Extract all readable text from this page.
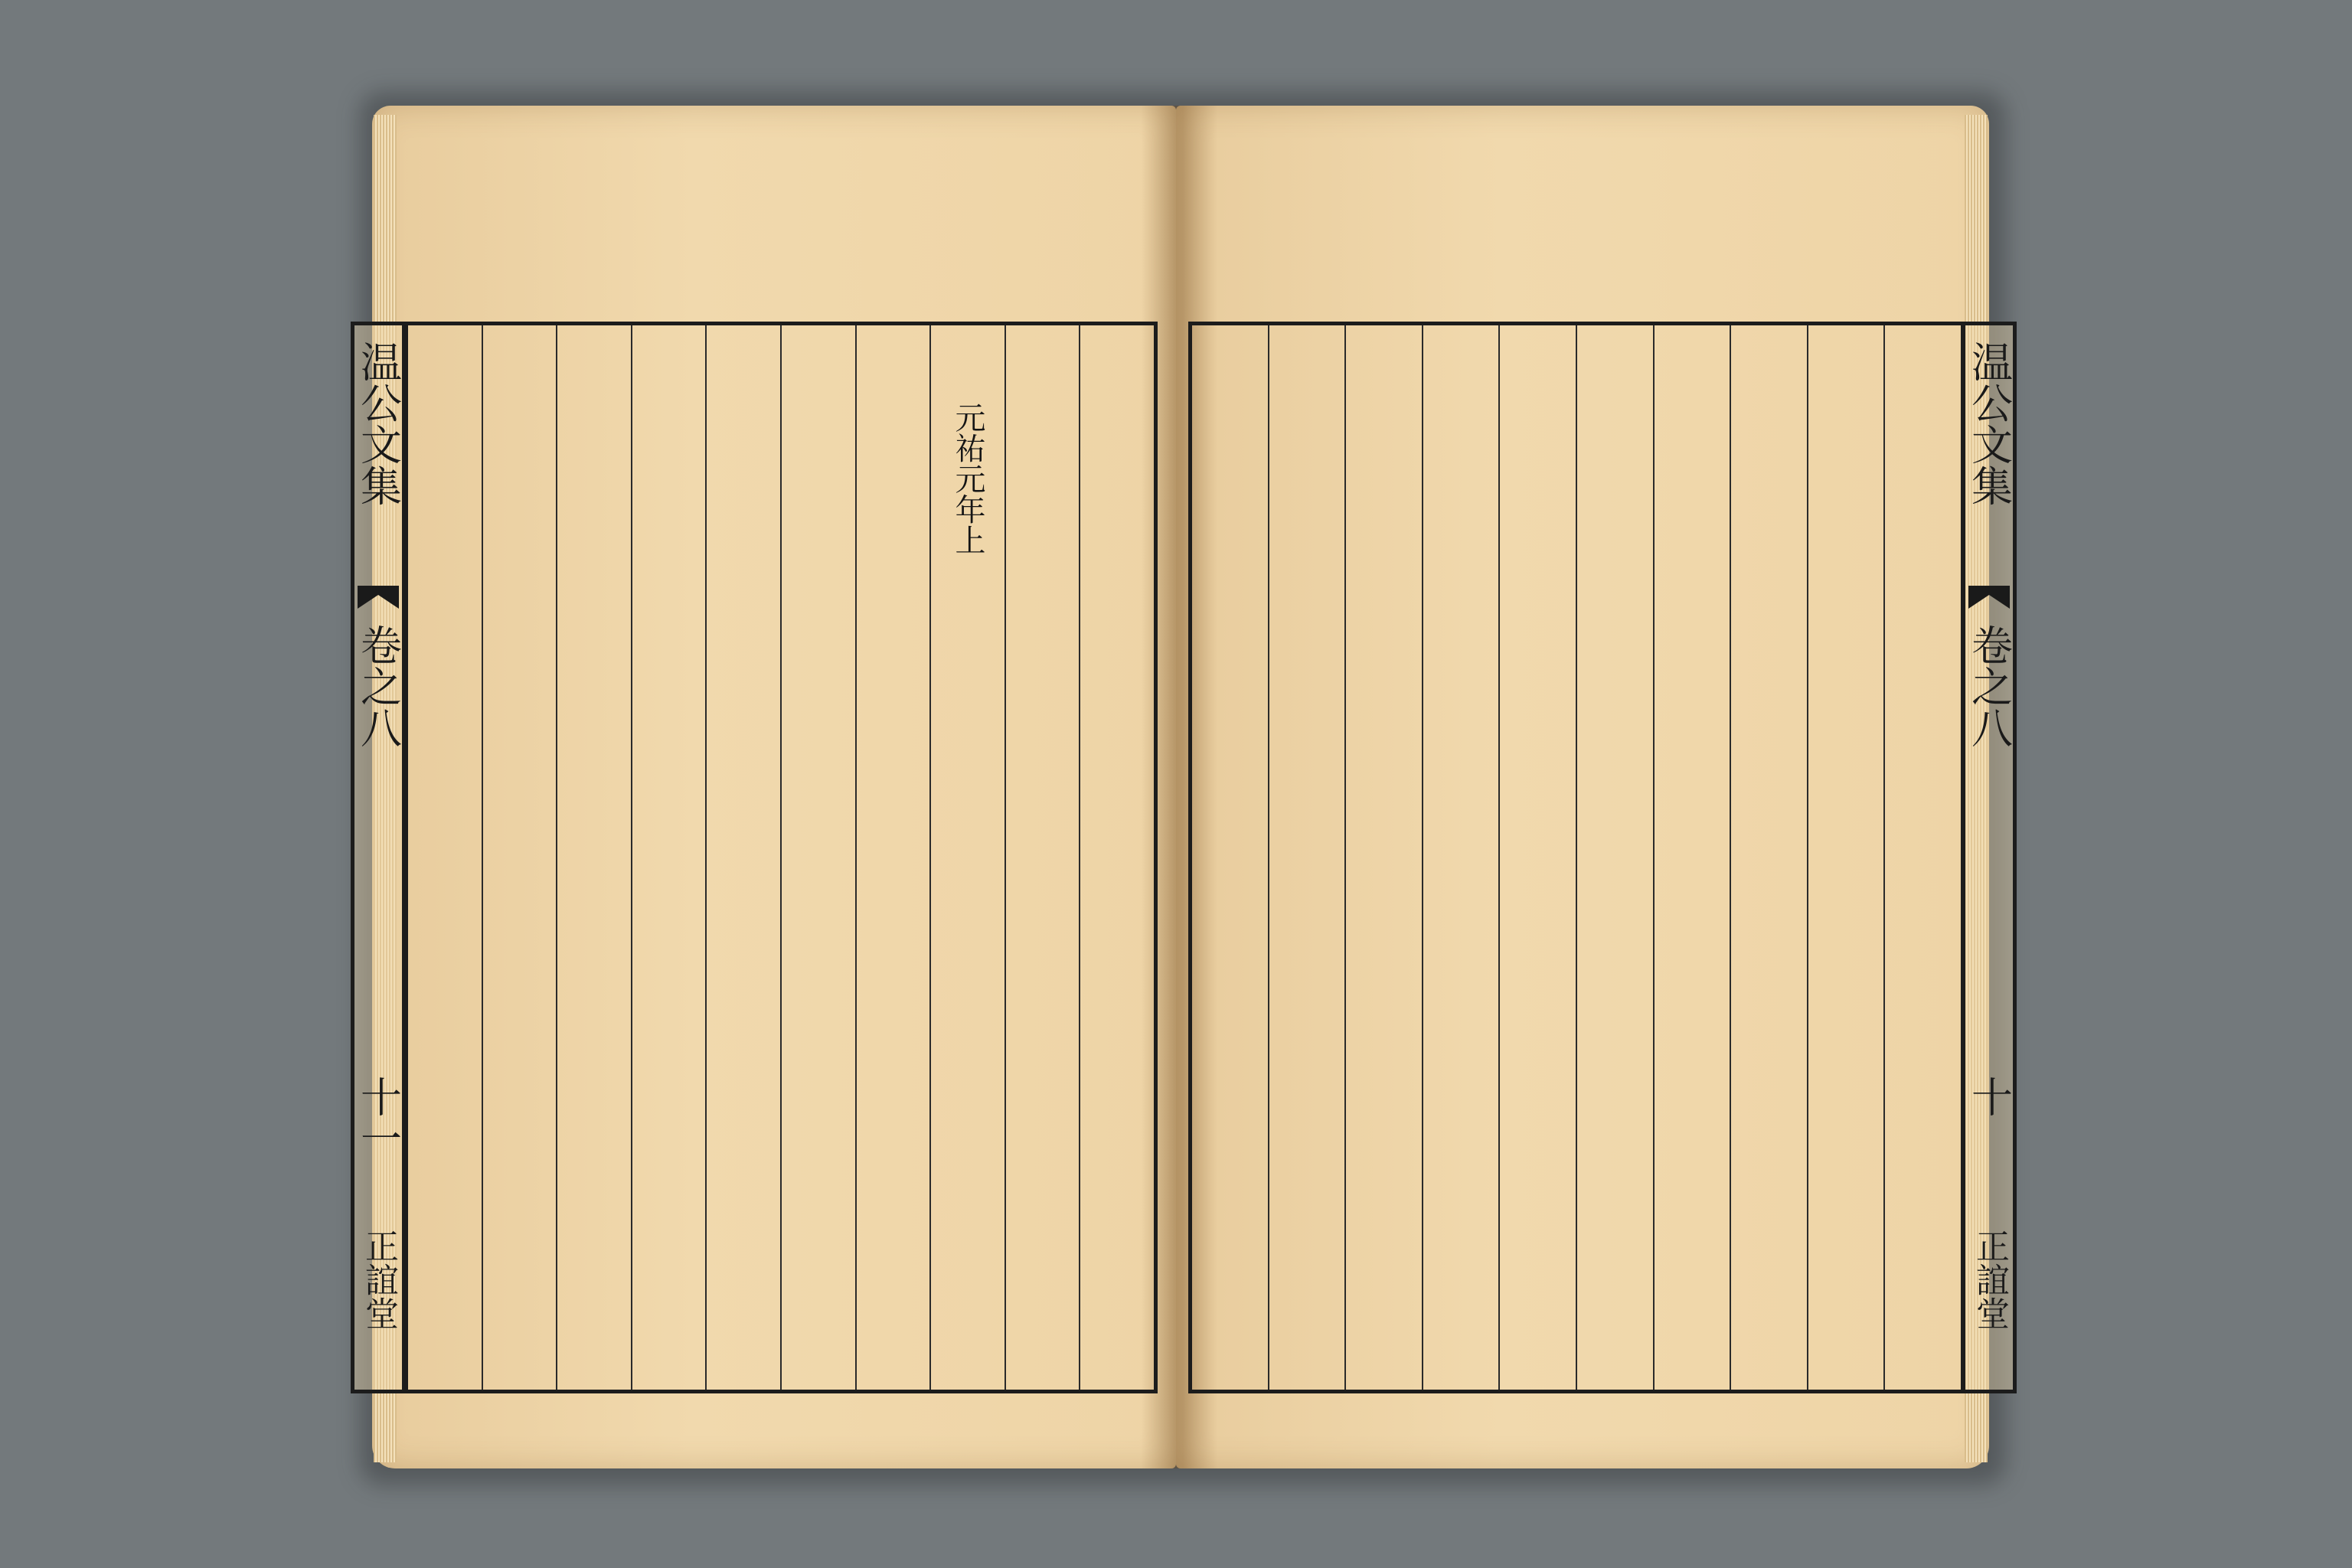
元祐元年上
温公文集
卷之八
十一
正誼堂
温公文集
卷之八
十
正誼堂
